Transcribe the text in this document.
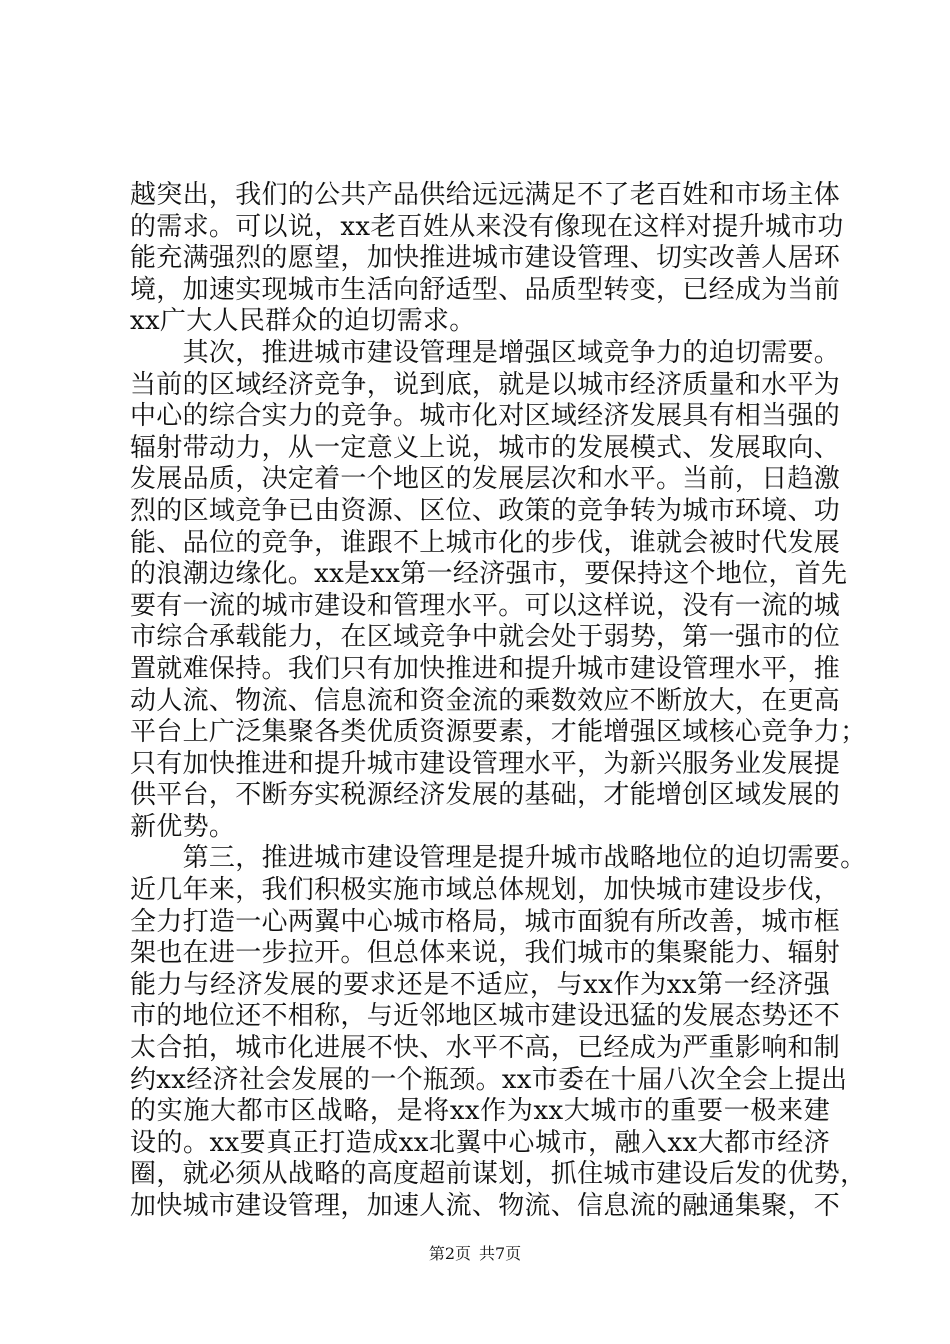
越突出，我们的公共产品供给远远满足不了老百姓和市场主体
的需求。可以说，xx老百姓从来没有像现在这样对提升城市功
能充满强烈的愿望，加快推进城市建设管理、切实改善人居环
境，加速实现城市生活向舒适型、品质型转变，已经成为当前
xx广大人民群众的迫切需求。
　　其次，推进城市建设管理是增强区域竞争力的迫切需要。
当前的区域经济竞争，说到底，就是以城市经济质量和水平为
中心的综合实力的竞争。城市化对区域经济发展具有相当强的
辐射带动力，从一定意义上说，城市的发展模式、发展取向、
发展品质，决定着一个地区的发展层次和水平。当前，日趋激
烈的区域竞争已由资源、区位、政策的竞争转为城市环境、功
能、品位的竞争，谁跟不上城市化的步伐，谁就会被时代发展
的浪潮边缘化。xx是xx第一经济强市，要保持这个地位，首先
要有一流的城市建设和管理水平。可以这样说，没有一流的城
市综合承载能力，在区域竞争中就会处于弱势，第一强市的位
置就难保持。我们只有加快推进和提升城市建设管理水平，推
动人流、物流、信息流和资金流的乘数效应不断放大，在更高
平台上广泛集聚各类优质资源要素，才能增强区域核心竞争力；
只有加快推进和提升城市建设管理水平，为新兴服务业发展提
供平台，不断夯实税源经济发展的基础，才能增创区域发展的
新优势。
　　第三，推进城市建设管理是提升城市战略地位的迫切需要。
近几年来，我们积极实施市域总体规划，加快城市建设步伐，
全力打造一心两翼中心城市格局，城市面貌有所改善，城市框
架也在进一步拉开。但总体来说，我们城市的集聚能力、辐射
能力与经济发展的要求还是不适应，与xx作为xx第一经济强
市的地位还不相称，与近邻地区城市建设迅猛的发展态势还不
太合拍，城市化进展不快、水平不高，已经成为严重影响和制
约xx经济社会发展的一个瓶颈。xx市委在十届八次全会上提出
的实施大都市区战略，是将xx作为xx大城市的重要一极来建
设的。xx要真正打造成xx北翼中心城市，融入xx大都市经济
圈，就必须从战略的高度超前谋划，抓住城市建设后发的优势，
加快城市建设管理，加速人流、物流、信息流的融通集聚，不
第2页 共7页
